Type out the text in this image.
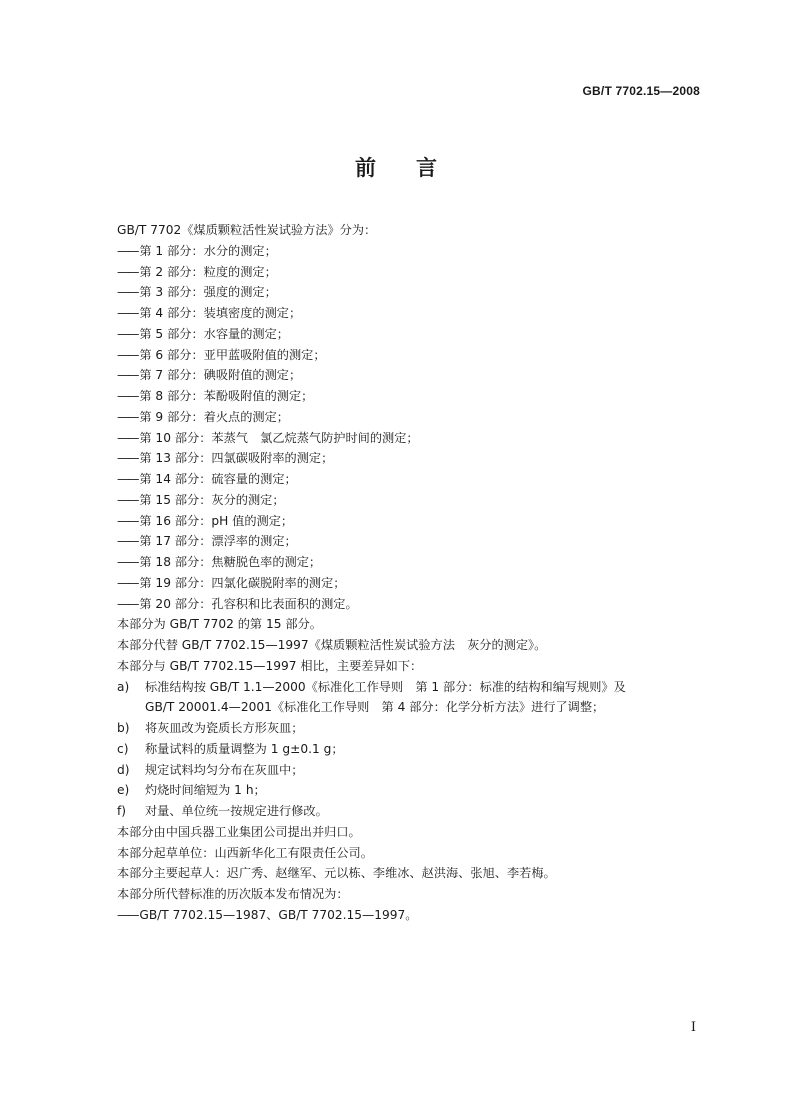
GB/T 7702.15—2008
前言
GB/T 7702《煤质颗粒活性炭试验方法》分为：
—— 第 1 部分：水分的测定；
—— 第 2 部分：粒度的测定；
—— 第 3 部分：强度的测定；
—— 第 4 部分：装填密度的测定；
—— 第 5 部分：水容量的测定；
—— 第 6 部分：亚甲蓝吸附值的测定；
—— 第 7 部分：碘吸附值的测定；
—— 第 8 部分：苯酚吸附值的测定；
—— 第 9 部分：着火点的测定；
—— 第 10 部分：苯蒸气　氯乙烷蒸气防护时间的测定；
—— 第 13 部分：四氯碳吸附率的测定；
—— 第 14 部分：硫容量的测定；
—— 第 15 部分：灰分的测定；
—— 第 16 部分：pH 值的测定；
—— 第 17 部分：漂浮率的测定；
—— 第 18 部分：焦糖脱色率的测定；
—— 第 19 部分：四氯化碳脱附率的测定；
—— 第 20 部分：孔容积和比表面积的测定。
本部分为 GB/T 7702 的第 15 部分。
本部分代替 GB/T 7702.15—1997《煤质颗粒活性炭试验方法　灰分的测定》。
本部分与 GB/T 7702.15—1997 相比，主要差异如下：
a)	标准结构按 GB/T 1.1—2000《标准化工作导则　第 1 部分：标准的结构和编写规则》及
GB/T 20001.4—2001《标准化工作导则　第 4 部分：化学分析方法》进行了调整；
b)	将灰皿改为瓷质长方形灰皿；
c)	称量试料的质量调整为 1 g±0.1 g；
d)	规定试料均匀分布在灰皿中；
e)	灼烧时间缩短为 1 h；
f)	对量、单位统一按规定进行修改。
本部分由中国兵器工业集团公司提出并归口。
本部分起草单位：山西新华化工有限责任公司。
本部分主要起草人：迟广秀、赵继军、元以栋、李维冰、赵洪海、张旭、李若梅。
本部分所代替标准的历次版本发布情况为：
—— GB/T 7702.15—1987、GB/T 7702.15—1997。
I
